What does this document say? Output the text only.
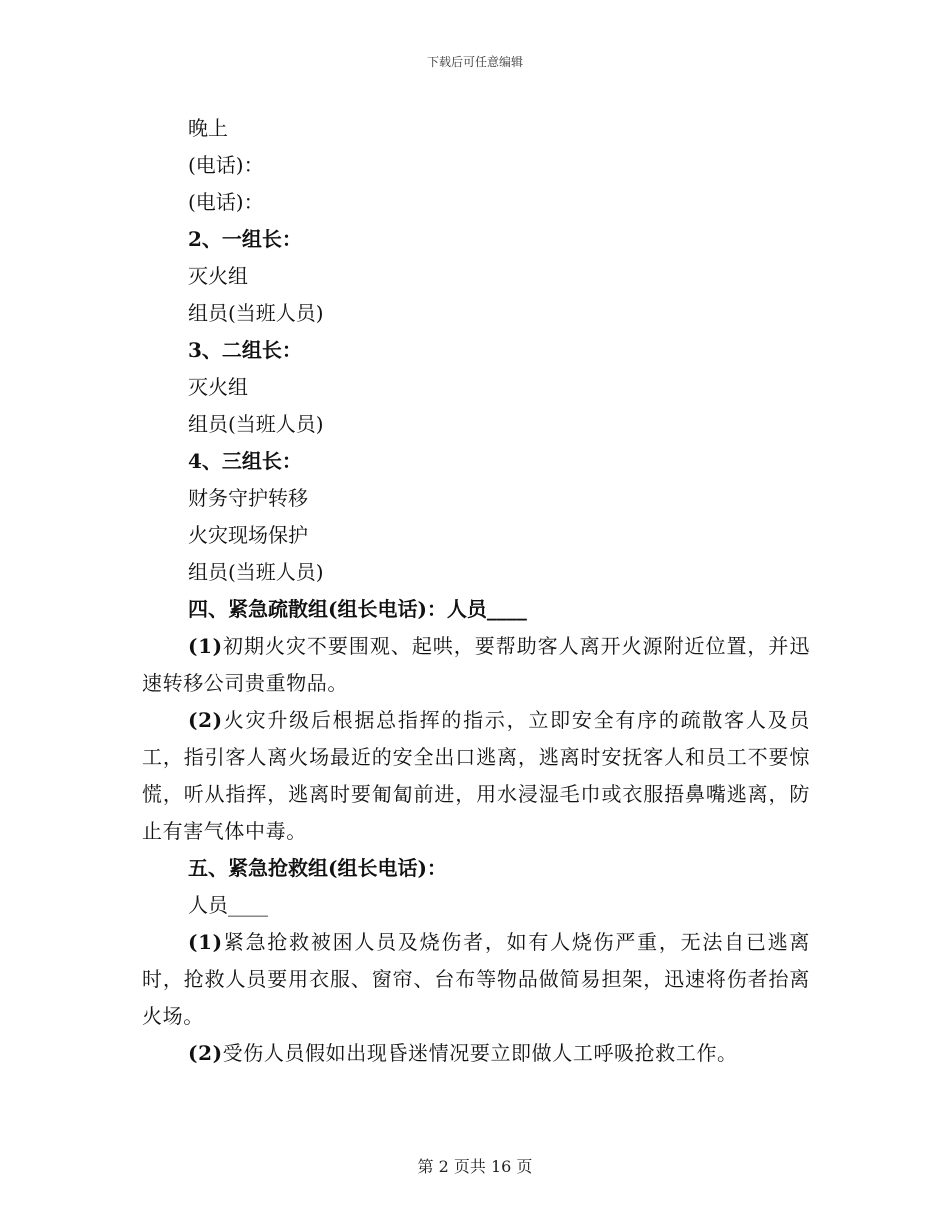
下载后可任意编辑
晚上
(电话)：
(电话)：
2、一组长：
灭火组
组员(当班人员)
3、二组长：
灭火组
组员(当班人员)
4、三组长：
财务守护转移
火灾现场保护
组员(当班人员)
四、紧急疏散组(组长电话)：人员____
(1)初期火灾不要围观、起哄，要帮助客人离开火源附近位置，并迅速转移公司贵重物品。
(2)火灾升级后根据总指挥的指示，立即安全有序的疏散客人及员工，指引客人离火场最近的安全出口逃离，逃离时安抚客人和员工不要惊慌，听从指挥，逃离时要匍匐前进，用水浸湿毛巾或衣服捂鼻嘴逃离，防止有害气体中毒。
五、紧急抢救组(组长电话)：
人员____
(1)紧急抢救被困人员及烧伤者，如有人烧伤严重，无法自已逃离时，抢救人员要用衣服、窗帘、台布等物品做简易担架，迅速将伤者抬离火场。
(2)受伤人员假如出现昏迷情况要立即做人工呼吸抢救工作。
第 2 页共 16 页
